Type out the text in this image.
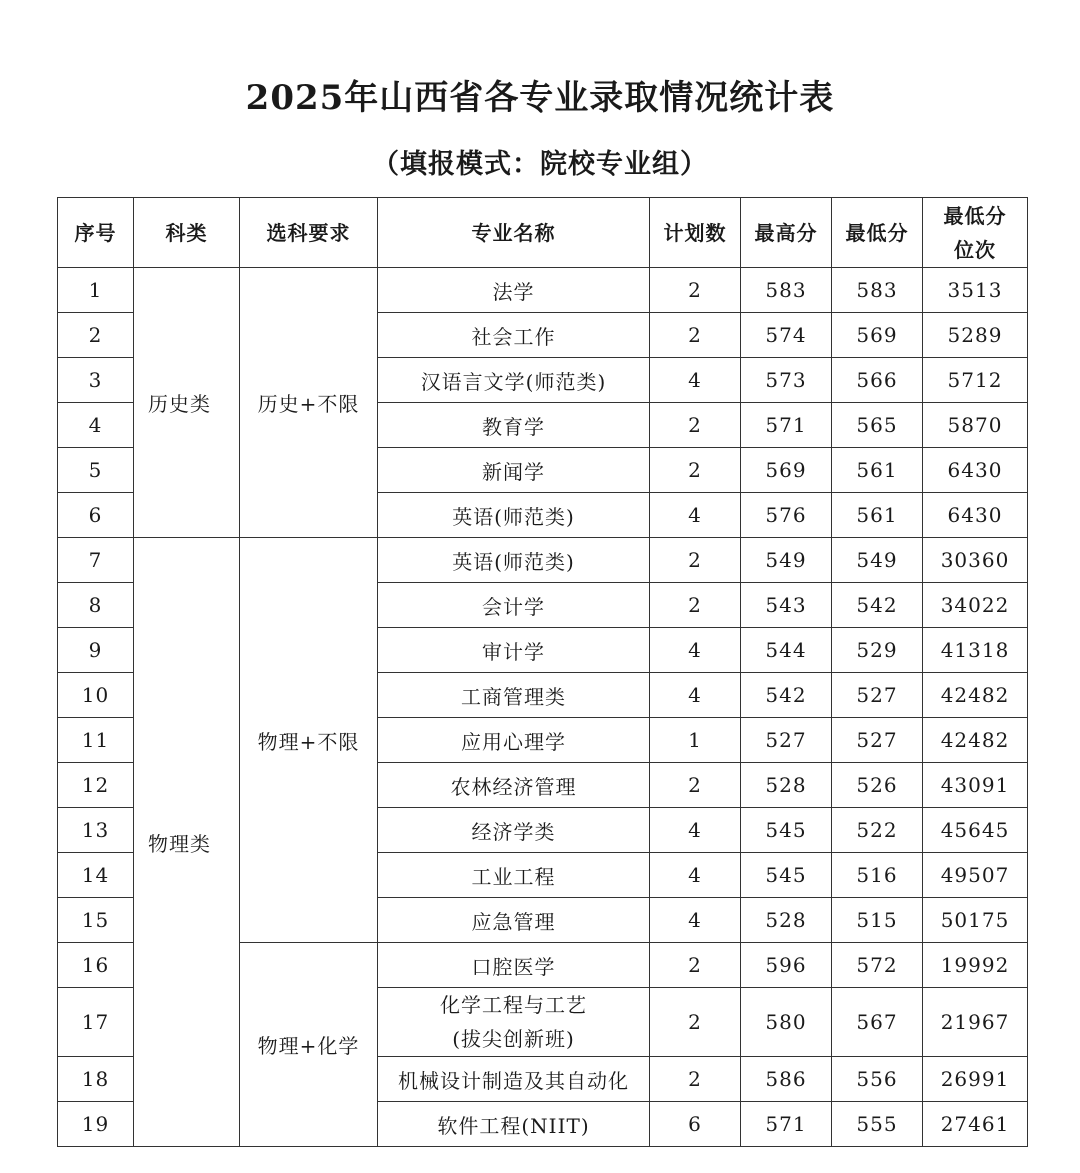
2025年山西省各专业录取情况统计表
（填报模式：院校专业组）
序号	科类	选科要求	专业名称	计划数	最高分	最低分	最低分
位次

1	历史类	历史+不限	法学	2	583	583	3513
2			社会工作	2	574	569	5289
3			汉语言文学(师范类)	4	573	566	5712
4			教育学	2	571	565	5870
5			新闻学	2	569	561	6430
6			英语(师范类)	4	576	561	6430
7	物理类	物理+不限	英语(师范类)	2	549	549	30360
8			会计学	2	543	542	34022
9			审计学	4	544	529	41318
10			工商管理类	4	542	527	42482
11			应用心理学	1	527	527	42482
12			农林经济管理	2	528	526	43091
13			经济学类	4	545	522	45645
14			工业工程	4	545	516	49507
15			应急管理	4	528	515	50175
16		物理+化学	口腔医学	2	596	572	19992
17			化学工程与工艺
(拔尖创新班)	2	580	567	21967
18			机械设计制造及其自动化	2	586	556	26991
19			软件工程(NIIT)	6	571	555	27461
